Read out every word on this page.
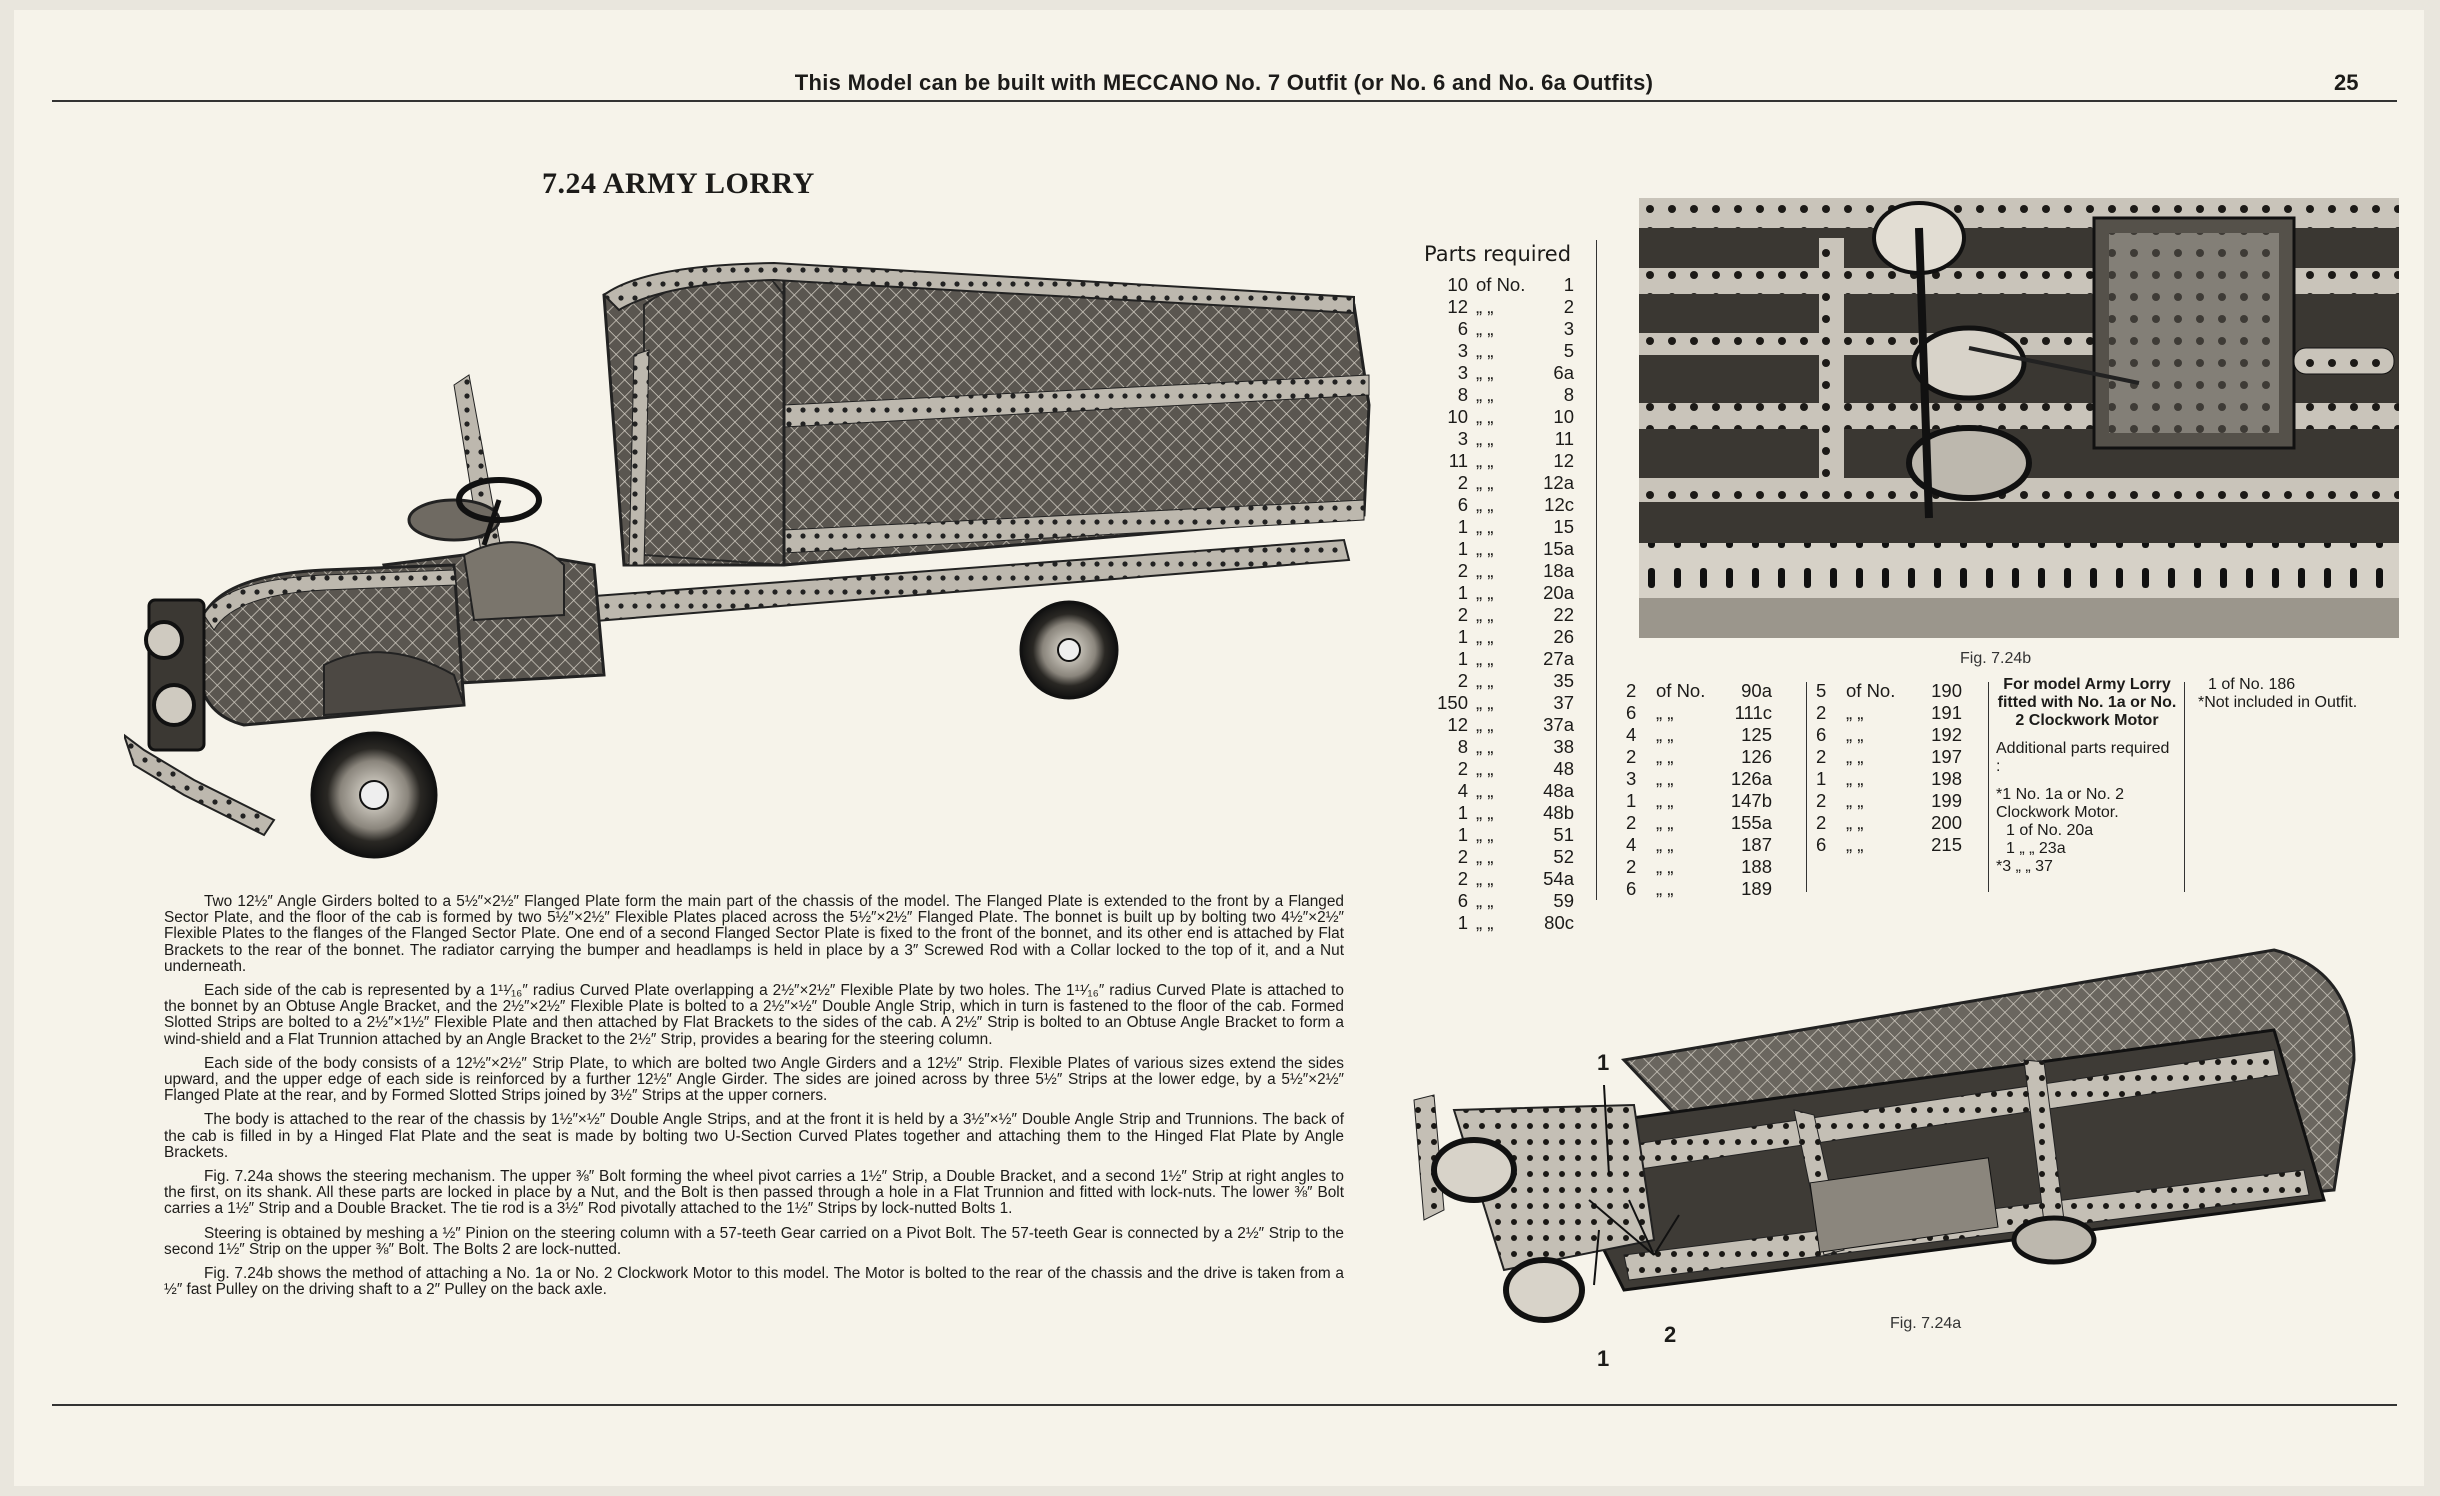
This Model can be built with MECCANO No. 7 Outfit (or No. 6 and No. 6a Outfits)	25
7.24 ARMY LORRY
Parts required
10 of No.	1
12 „ „	2
6 „ „	3
3 „ „	5
3 „ „	6a
8 „ „	8
10 „ „	10
3 „ „	11
11 „ „	12
2 „ „	12a
6 „ „	12c
1 „ „	15
1 „ „	15a
2 „ „	18a
1 „ „	20a
2 „ „	22
1 „ „	26
1 „ „	27a
2 „ „	35
150 „ „	37
12 „ „	37a
8 „ „	38
2 „ „	48
4 „ „	48a
1 „ „	48b
1 „ „	51
2 „ „	52
2 „ „	54a
6 „ „	59
1 „ „	80c
Fig. 7.24b
2	of No.	90a
6	„ „	111c
4	„ „	125
2	„ „	126
3	„ „	126a
1	„ „	147b
2	„ „	155a
4	„ „	187
2	„ „	188
6	„ „	189
5	of No.	190
2	„ „	191
6	„ „	192
2	„ „	197
1	„ „	198
2	„ „	199
2	„ „	200
6	„ „	215
For model Army Lorry fitted with No. 1a or No. 2 Clockwork Motor
Additional parts required :
*1 No. 1a or No. 2 Clockwork Motor.
1 of No. 20a
1 „ „ 23a
*3 „ „ 37
1 of No. 186
*Not included in Outfit.
1
1
2	Fig. 7.24a

Two 12½″ Angle Girders bolted to a 5½″×2½″ Flanged Plate form the main part of the chassis of the model. The Flanged Plate is extended to the front by a Flanged Sector Plate, and the floor of the cab is formed by two 5½″×2½″ Flexible Plates placed across the 5½″×2½″ Flanged Plate. The bonnet is built up by bolting two 4½″×2½″ Flexible Plates to the flanges of the Flanged Sector Plate. One end of a second Flanged Sector Plate is fixed to the front of the bonnet, and its other end is attached by Flat Brackets to the rear of the bonnet. The radiator carrying the bumper and headlamps is held in place by a 3″ Screwed Rod with a Collar locked to the top of it, and a Nut underneath.

Each side of the cab is represented by a 1¹¹⁄₁₆″ radius Curved Plate overlapping a 2½″×2½″ Flexible Plate by two holes. The 1¹¹⁄₁₆″ radius Curved Plate is attached to the bonnet by an Obtuse Angle Bracket, and the 2½″×2½″ Flexible Plate is bolted to a 2½″×½″ Double Angle Strip, which in turn is fastened to the floor of the cab. Formed Slotted Strips are bolted to a 2½″×1½″ Flexible Plate and then attached by Flat Brackets to the sides of the cab. A 2½″ Strip is bolted to an Obtuse Angle Bracket to form a wind-shield and a Flat Trunnion attached by an Angle Bracket to the 2½″ Strip, provides a bearing for the steering column.

Each side of the body consists of a 12½″×2½″ Strip Plate, to which are bolted two Angle Girders and a 12½″ Strip. Flexible Plates of various sizes extend the sides upward, and the upper edge of each side is reinforced by a further 12½″ Angle Girder. The sides are joined across by three 5½″ Strips at the lower edge, by a 5½″×2½″ Flanged Plate at the rear, and by Formed Slotted Strips joined by 3½″ Strips at the upper corners.

The body is attached to the rear of the chassis by 1½″×½″ Double Angle Strips, and at the front it is held by a 3½″×½″ Double Angle Strip and Trunnions. The back of the cab is filled in by a Hinged Flat Plate and the seat is made by bolting two U-Section Curved Plates together and attaching them to the Hinged Flat Plate by Angle Brackets.

Fig. 7.24a shows the steering mechanism. The upper ⅜″ Bolt forming the wheel pivot carries a 1½″ Strip, a Double Bracket, and a second 1½″ Strip at right angles to the first, on its shank. All these parts are locked in place by a Nut, and the Bolt is then passed through a hole in a Flat Trunnion and fitted with lock-nuts. The lower ⅜″ Bolt carries a 1½″ Strip and a Double Bracket. The tie rod is a 3½″ Rod pivotally attached to the 1½″ Strips by lock-nutted Bolts 1.

Steering is obtained by meshing a ½″ Pinion on the steering column with a 57-teeth Gear carried on a Pivot Bolt. The 57-teeth Gear is connected by a 2½″ Strip to the second 1½″ Strip on the upper ⅜″ Bolt. The Bolts 2 are lock-nutted.

Fig. 7.24b shows the method of attaching a No. 1a or No. 2 Clockwork Motor to this model. The Motor is bolted to the rear of the chassis and the drive is taken from a ½″ fast Pulley on the driving shaft to a 2″ Pulley on the back axle.
